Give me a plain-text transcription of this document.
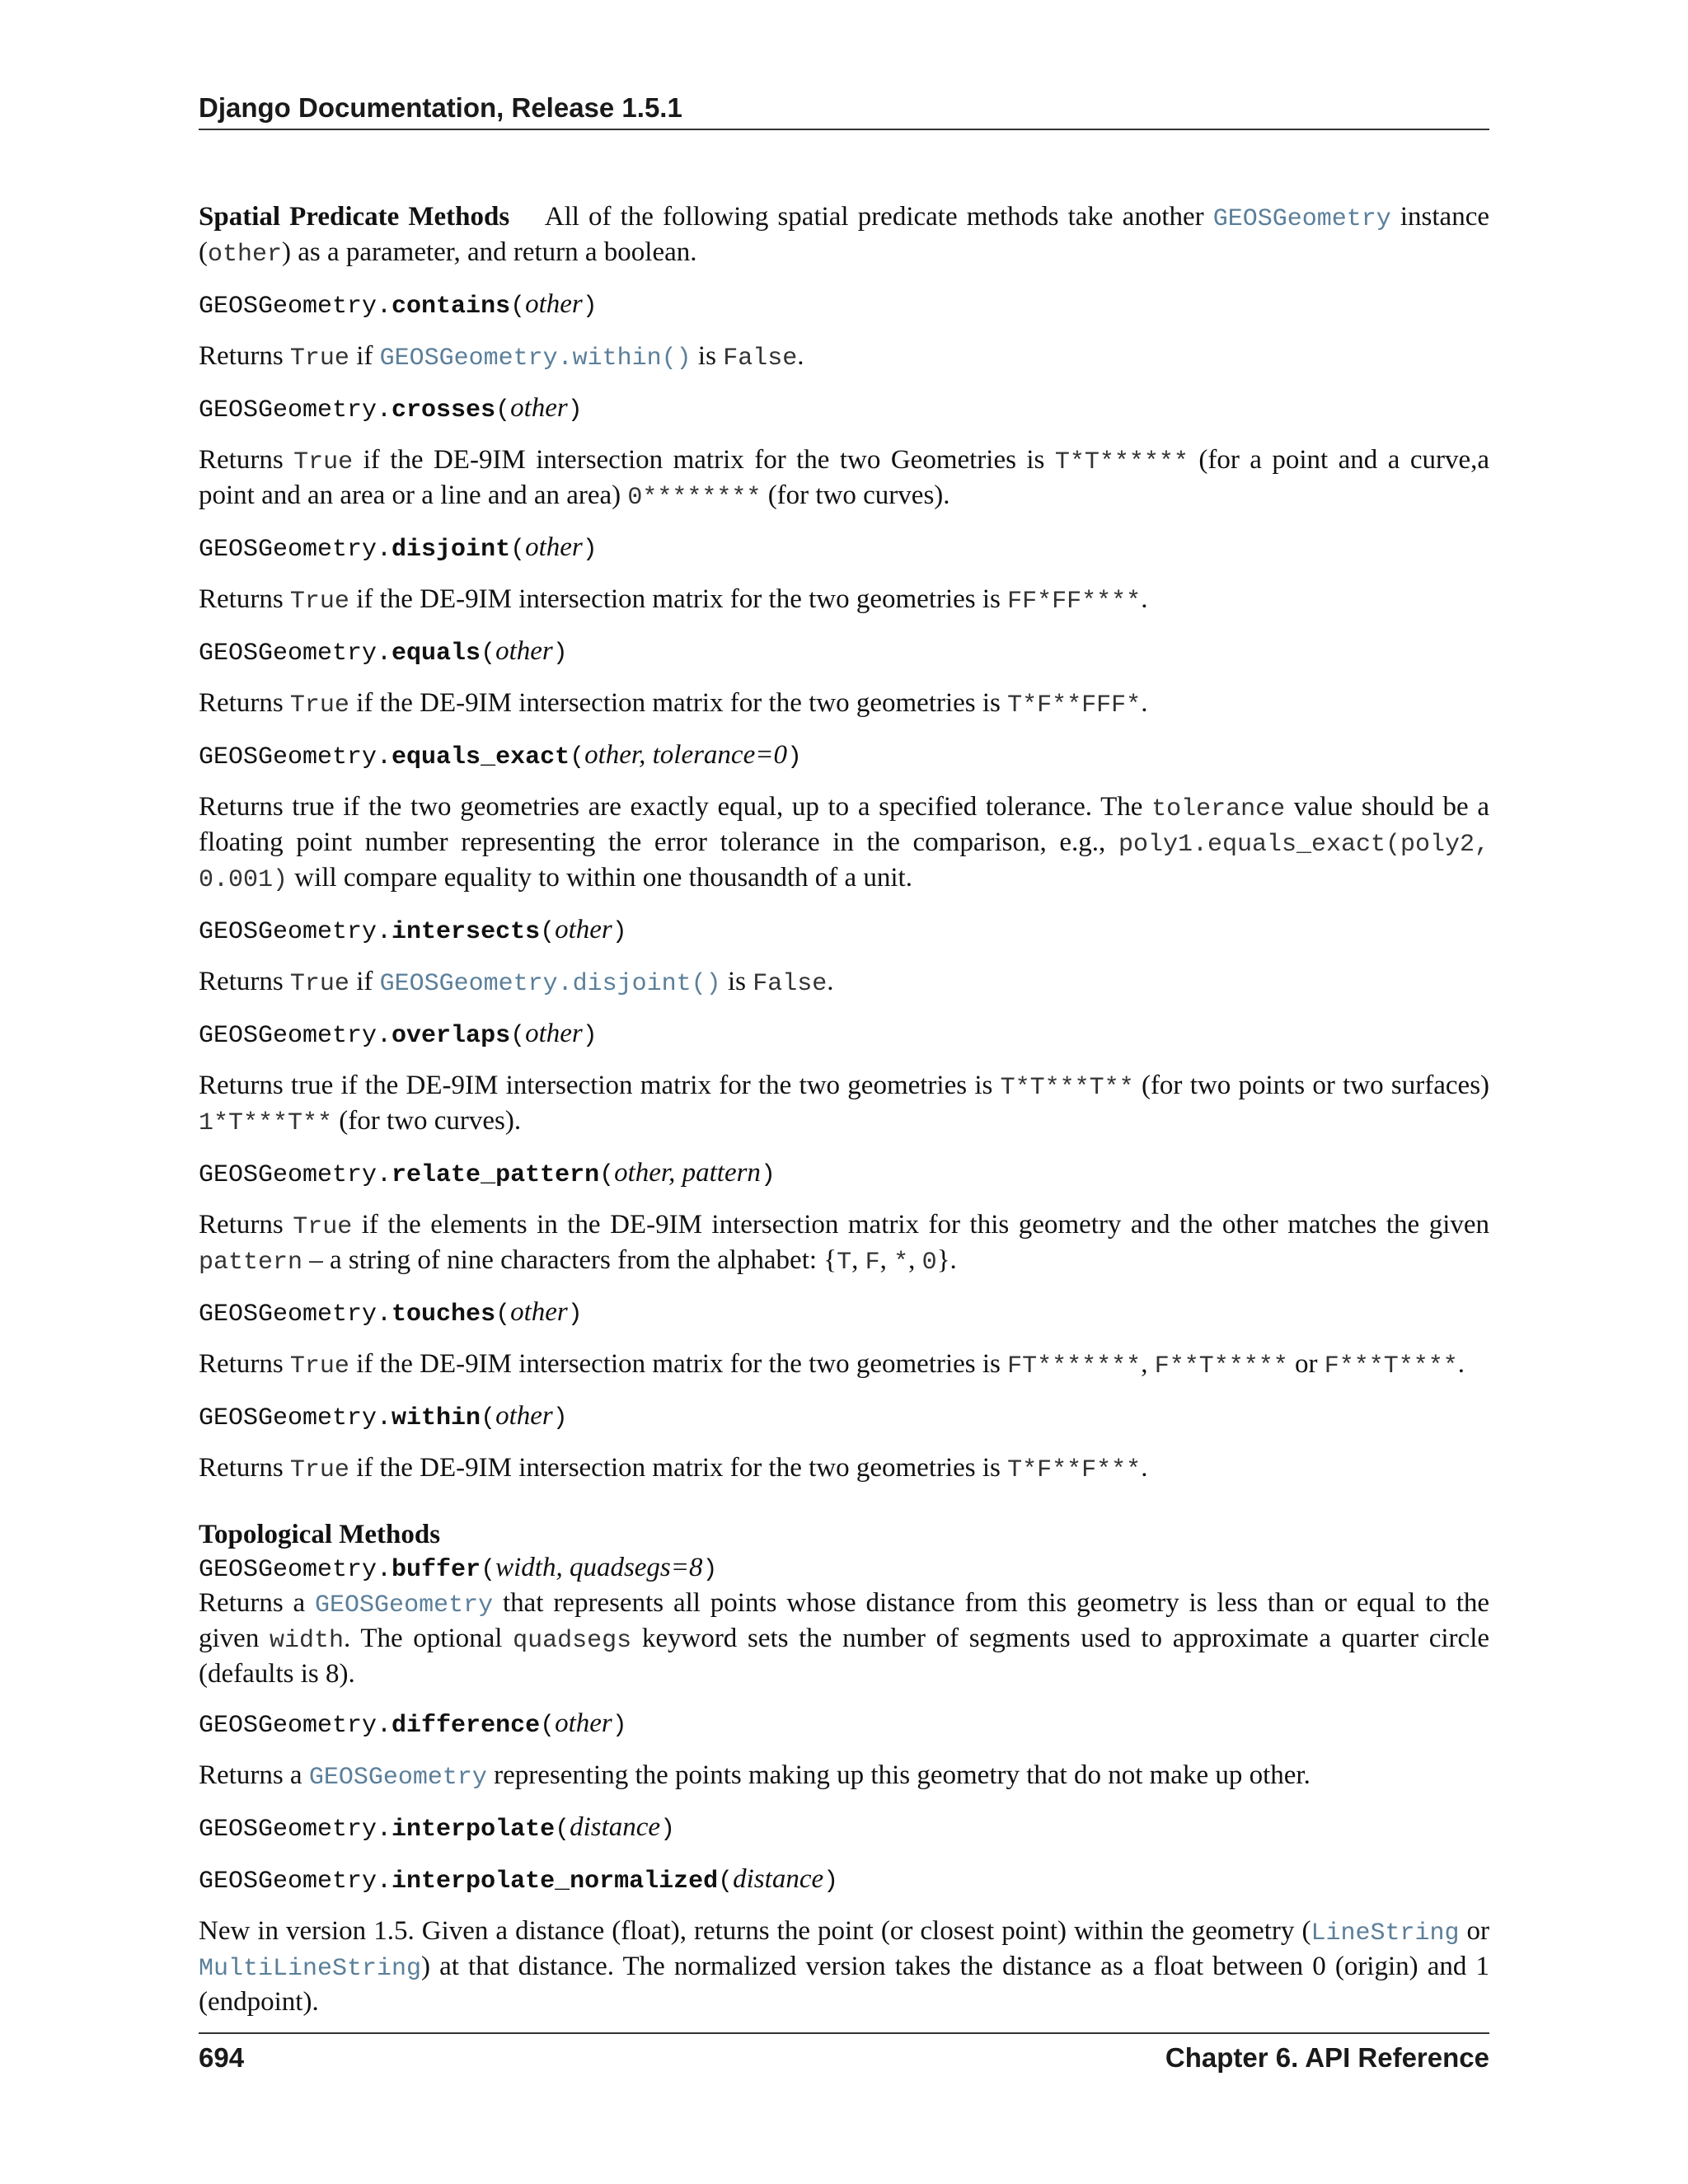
Django Documentation, Release 1.5.1

Spatial Predicate Methods All of the following spatial predicate methods take another GEOSGeometry instance (other) as a parameter, and return a boolean.

GEOSGeometry.contains(other)

Returns True if GEOSGeometry.within() is False.

GEOSGeometry.crosses(other)

Returns True if the DE-9IM intersection matrix for the two Geometries is T*T****** (for a point and a curve,a point and an area or a line and an area) 0******** (for two curves).

GEOSGeometry.disjoint(other)

Returns True if the DE-9IM intersection matrix for the two geometries is FF*FF****.

GEOSGeometry.equals(other)

Returns True if the DE-9IM intersection matrix for the two geometries is T*F**FFF*.

GEOSGeometry.equals_exact(other, tolerance=0)

Returns true if the two geometries are exactly equal, up to a specified tolerance. The tolerance value should be a floating point number representing the error tolerance in the comparison, e.g., poly1.equals_exact(poly2, 0.001) will compare equality to within one thousandth of a unit.

GEOSGeometry.intersects(other)

Returns True if GEOSGeometry.disjoint() is False.

GEOSGeometry.overlaps(other)

Returns true if the DE-9IM intersection matrix for the two geometries is T*T***T** (for two points or two surfaces) 1*T***T** (for two curves).

GEOSGeometry.relate_pattern(other, pattern)

Returns True if the elements in the DE-9IM intersection matrix for this geometry and the other matches the given pattern – a string of nine characters from the alphabet: {T, F, *, 0}.

GEOSGeometry.touches(other)

Returns True if the DE-9IM intersection matrix for the two geometries is FT*******, F**T***** or F***T****.

GEOSGeometry.within(other)

Returns True if the DE-9IM intersection matrix for the two geometries is T*F**F***.

Topological Methods
GEOSGeometry.buffer(width, quadsegs=8)

Returns a GEOSGeometry that represents all points whose distance from this geometry is less than or equal to the given width. The optional quadsegs keyword sets the number of segments used to approximate a quarter circle (defaults is 8).

GEOSGeometry.difference(other)

Returns a GEOSGeometry representing the points making up this geometry that do not make up other.

GEOSGeometry.interpolate(distance)
GEOSGeometry.interpolate_normalized(distance)

New in version 1.5. Given a distance (float), returns the point (or closest point) within the geometry (LineString or MultiLineString) at that distance. The normalized version takes the distance as a float between 0 (origin) and 1 (endpoint).

694	Chapter 6. API Reference
